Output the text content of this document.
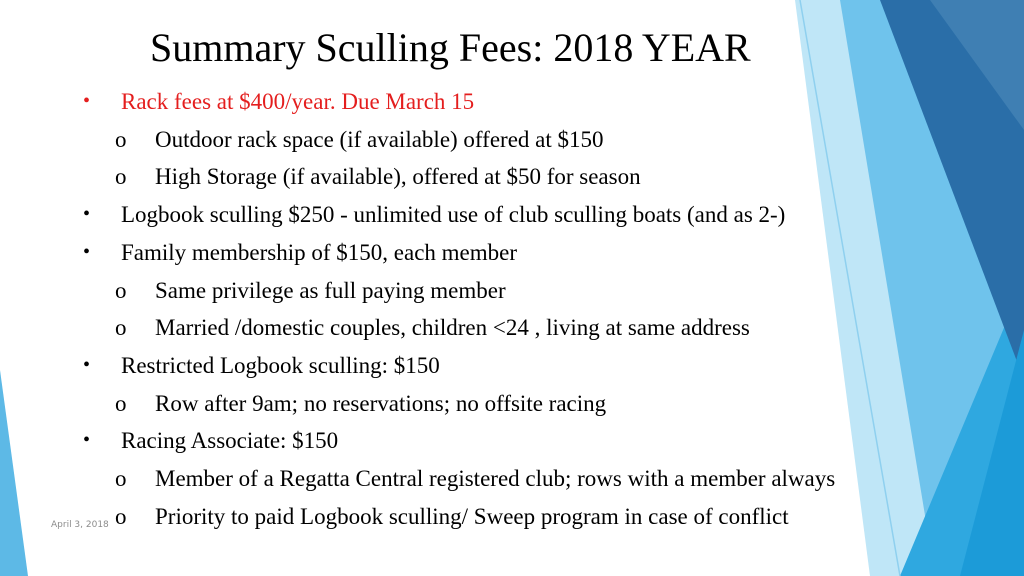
Summary Sculling Fees: 2018 YEAR
• Rack fees at $400/year. Due March 15
o Outdoor rack space (if available) offered at $150
o High Storage (if available), offered at $50 for season
• Logbook sculling $250 - unlimited use of club sculling boats (and as 2-)
• Family membership of $150, each member
o Same privilege as full paying member
o Married /domestic couples, children <24 , living at same address
• Restricted Logbook sculling: $150
o Row after 9am; no reservations; no offsite racing
• Racing Associate: $150
o Member of a Regatta Central registered club; rows with a member always
o Priority to paid Logbook sculling/ Sweep program in case of conflict
April 3, 2018
